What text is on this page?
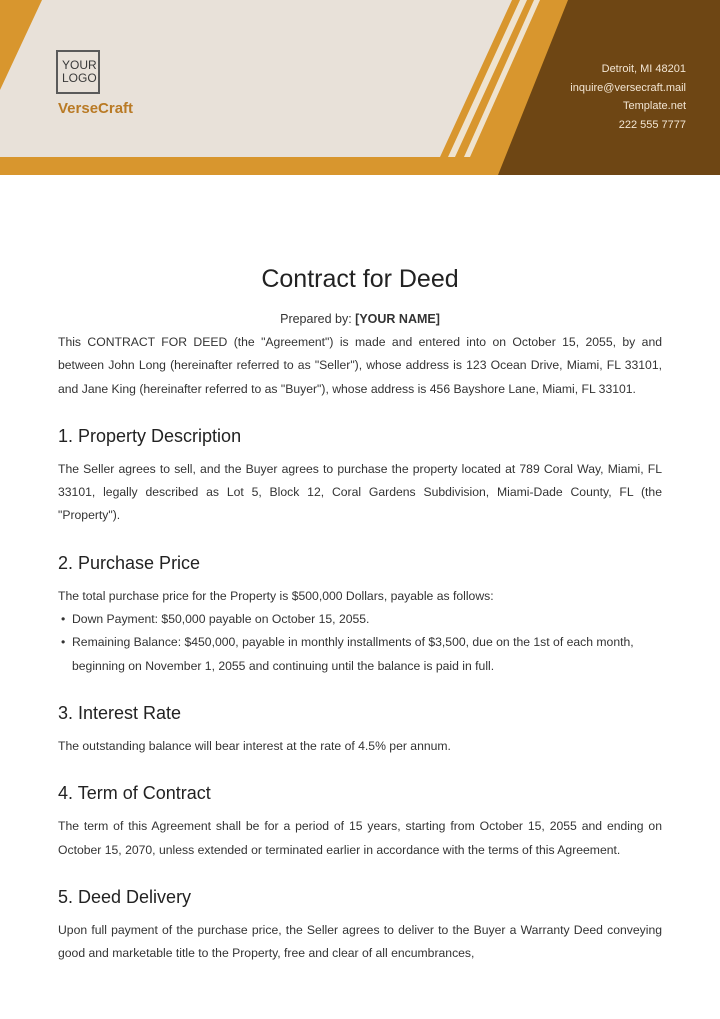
YOUR
LOGO
VerseCraft
Detroit, MI 48201
inquire@versecraft.mail
Template.net
222 555 7777
Contract for Deed
Prepared by: [YOUR NAME]

This CONTRACT FOR DEED (the "Agreement") is made and entered into on October 15, 2055, by and between John Long (hereinafter referred to as "Seller"), whose address is 123 Ocean Drive, Miami, FL 33101, and Jane King (hereinafter referred to as "Buyer"), whose address is 456 Bayshore Lane, Miami, FL 33101.

1. Property Description

The Seller agrees to sell, and the Buyer agrees to purchase the property located at 789 Coral Way, Miami, FL 33101, legally described as Lot 5, Block 12, Coral Gardens Subdivision, Miami-Dade County, FL (the "Property").

2. Purchase Price

The total purchase price for the Property is $500,000 Dollars, payable as follows:

• Down Payment: $50,000 payable on October 15, 2055.
• Remaining Balance: $450,000, payable in monthly installments of $3,500, due on the 1st of each month, beginning on November 1, 2055 and continuing until the balance is paid in full.
3. Interest Rate

The outstanding balance will bear interest at the rate of 4.5% per annum.

4. Term of Contract

The term of this Agreement shall be for a period of 15 years, starting from October 15, 2055 and ending on October 15, 2070, unless extended or terminated earlier in accordance with the terms of this Agreement.

5. Deed Delivery

Upon full payment of the purchase price, the Seller agrees to deliver to the Buyer a Warranty Deed conveying good and marketable title to the Property, free and clear of all encumbrances,
